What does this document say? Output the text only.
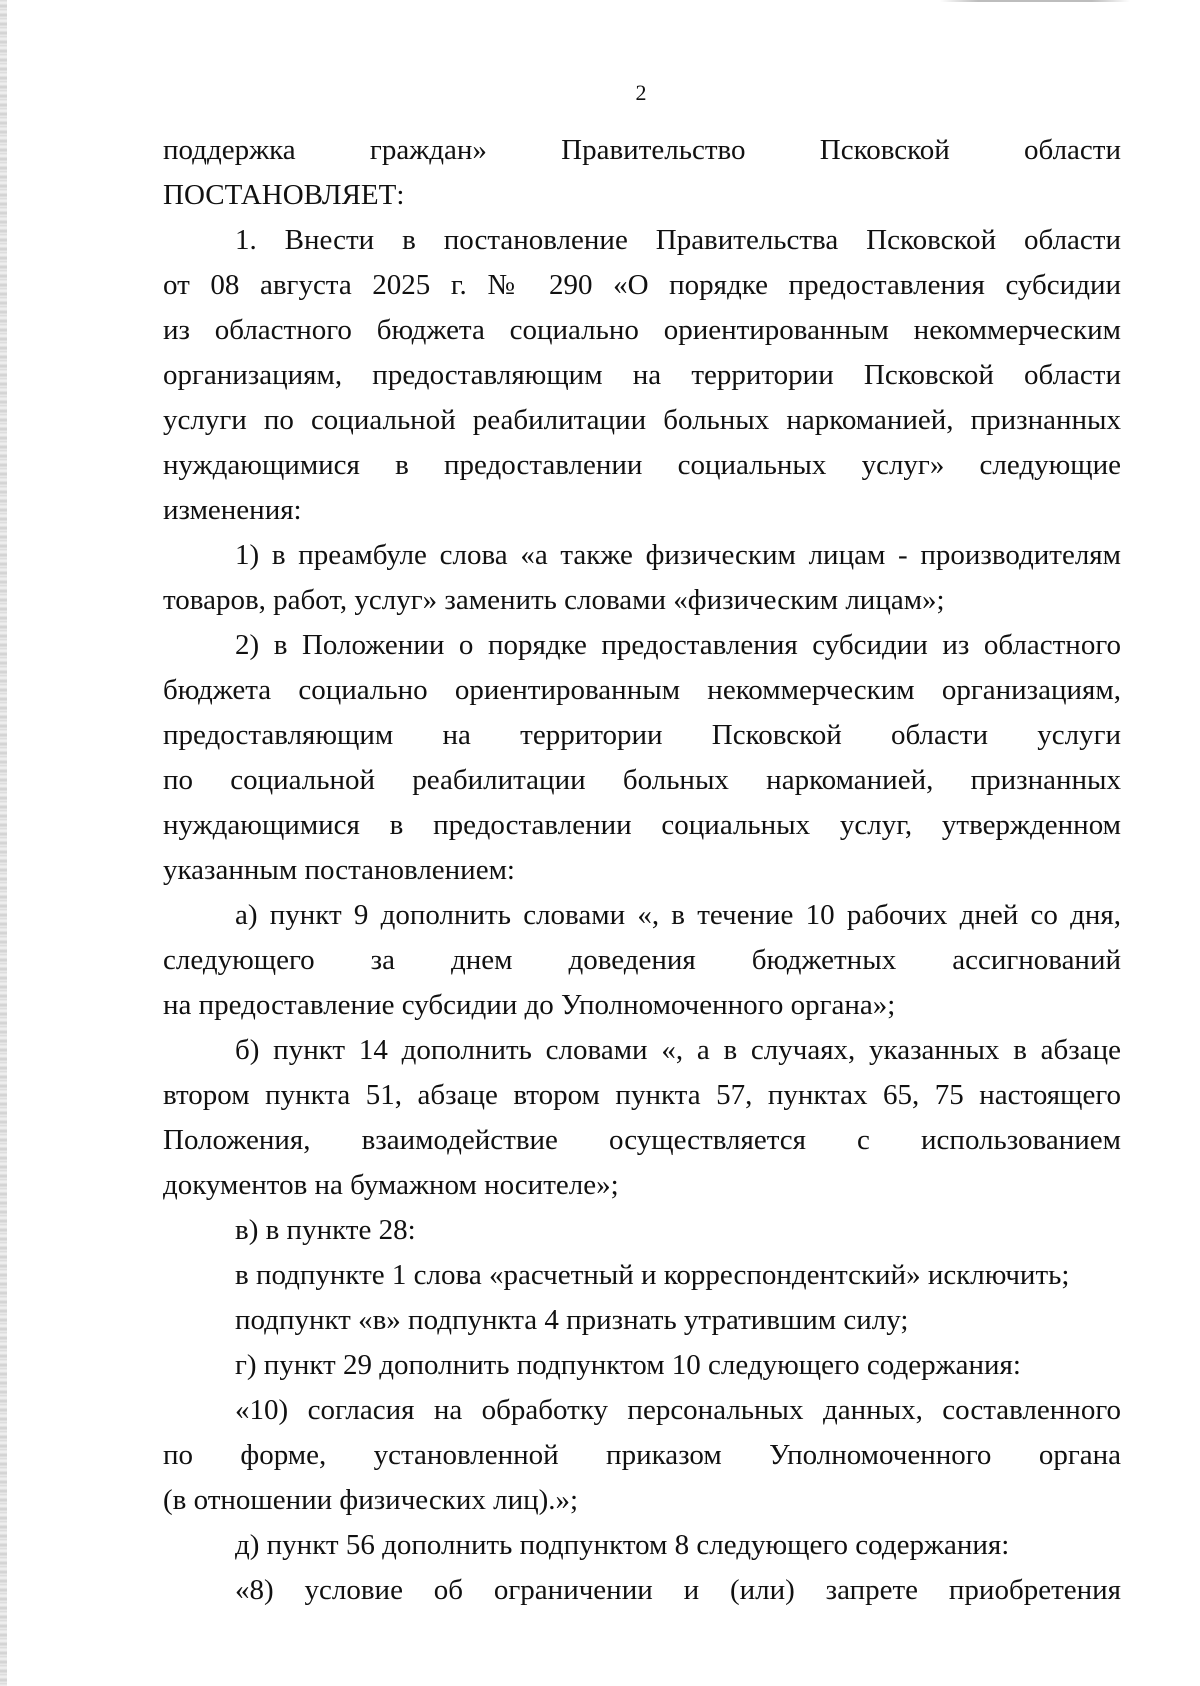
2

поддержка граждан» Правительство Псковской области

ПОСТАНОВЛЯЕТ:

1. Внести в постановление Правительства Псковской области

от 08 августа 2025 г. № 290 «О порядке предоставления субсидии

из областного бюджета социально ориентированным некоммерческим

организациям, предоставляющим на территории Псковской области

услуги по социальной реабилитации больных наркоманией, признанных

нуждающимися в предоставлении социальных услуг» следующие

изменения:

1) в преамбуле слова «а также физическим лицам - производителям

товаров, работ, услуг» заменить словами «физическим лицам»;

2) в Положении о порядке предоставления субсидии из областного

бюджета социально ориентированным некоммерческим организациям,

предоставляющим на территории Псковской области услуги

по социальной реабилитации больных наркоманией, признанных

нуждающимися в предоставлении социальных услуг, утвержденном

указанным постановлением:

а) пункт 9 дополнить словами «, в течение 10 рабочих дней со дня,

следующего за днем доведения бюджетных ассигнований

на предоставление субсидии до Уполномоченного органа»;

б) пункт 14 дополнить словами «, а в случаях, указанных в абзаце

втором пункта 51, абзаце втором пункта 57, пунктах 65, 75 настоящего

Положения, взаимодействие осуществляется с использованием

документов на бумажном носителе»;

в) в пункте 28:

в подпункте 1 слова «расчетный и корреспондентский» исключить;

подпункт «в» подпункта 4 признать утратившим силу;

г) пункт 29 дополнить подпунктом 10 следующего содержания:

«10) согласия на обработку персональных данных, составленного

по форме, установленной приказом Уполномоченного органа

(в отношении физических лиц).»;

д) пункт 56 дополнить подпунктом 8 следующего содержания:

«8) условие об ограничении и (или) запрете приобретения
